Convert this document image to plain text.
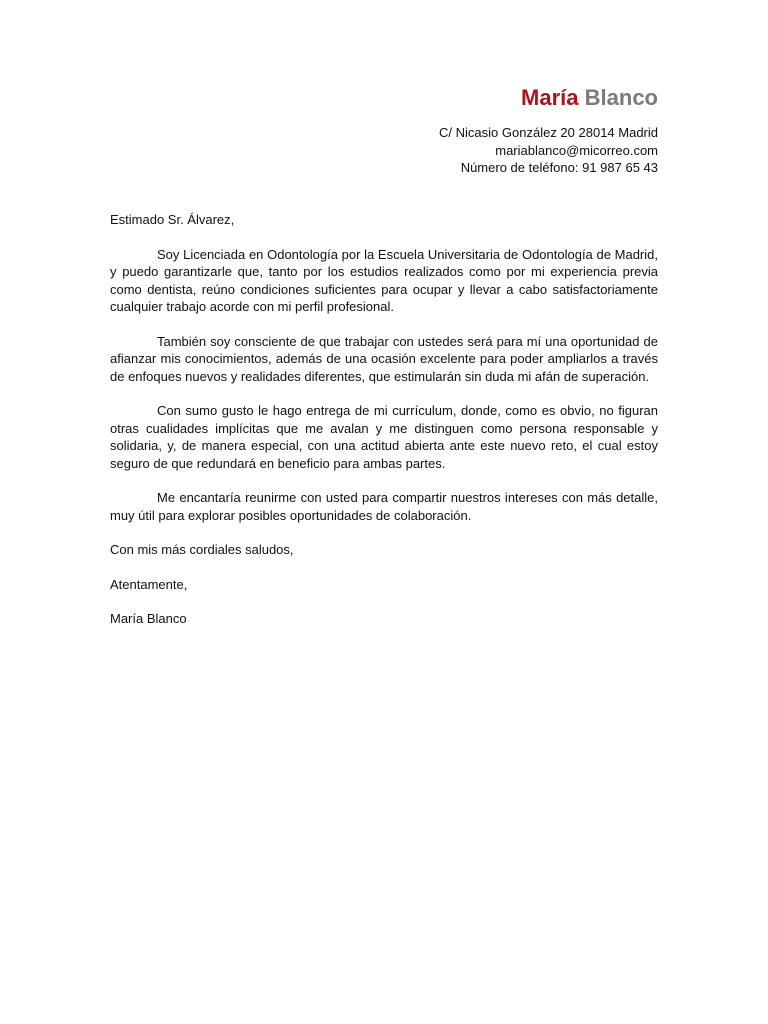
María Blanco
C/ Nicasio González 20 28014 Madrid
mariablanco@micorreo.com
Número de teléfono: 91 987 65 43

Estimado Sr. Álvarez,

Soy Licenciada en Odontología por la Escuela Universitaria de Odontología de Madrid, y puedo garantizarle que, tanto por los estudios realizados como por mi experiencia previa como dentista, reúno condiciones suficientes para ocupar y llevar a cabo satisfactoriamente cualquier trabajo acorde con mi perfil profesional.

También soy consciente de que trabajar con ustedes será para mí una oportunidad de afianzar mis conocimientos, además de una ocasión excelente para poder ampliarlos a través de enfoques nuevos y realidades diferentes, que estimularán sin duda mi afán de superación.

Con sumo gusto le hago entrega de mi currículum, donde, como es obvio, no figuran otras cualidades implícitas que me avalan y me distinguen como persona responsable y solidaria, y, de manera especial, con una actitud abierta ante este nuevo reto, el cual estoy seguro de que redundará en beneficio para ambas partes.

Me encantaría reunirme con usted para compartir nuestros intereses con más detalle, muy útil para explorar posibles oportunidades de colaboración.

Con mis más cordiales saludos,

Atentamente,

María Blanco
